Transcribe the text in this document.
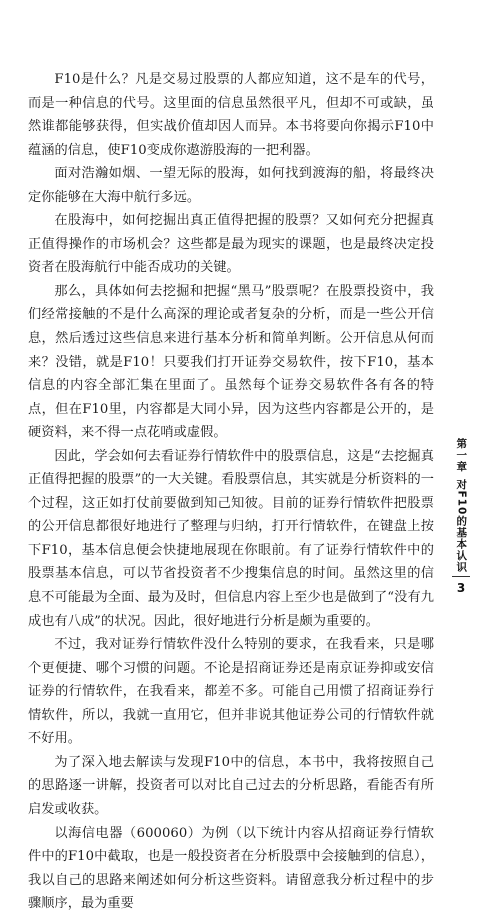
F10是什么？凡是交易过股票的人都应知道，这不是车的代号，而是一种信息的代号。这里面的信息虽然很平凡，但却不可或缺，虽然谁都能够获得，但实战价值却因人而异。本书将要向你揭示F10中蕴涵的信息，使F10变成你遨游股海的一把利器。

面对浩瀚如烟、一望无际的股海，如何找到渡海的船，将最终决定你能够在大海中航行多远。

在股海中，如何挖掘出真正值得把握的股票？又如何充分把握真正值得操作的市场机会？这些都是最为现实的课题，也是最终决定投资者在股海航行中能否成功的关键。

那么，具体如何去挖掘和把握“黑马”股票呢？在股票投资中，我们经常接触的不是什么高深的理论或者复杂的分析，而是一些公开信息，然后透过这些信息来进行基本分析和简单判断。公开信息从何而来？没错，就是F10！只要我们打开证券交易软件，按下F10，基本信息的内容全部汇集在里面了。虽然每个证券交易软件各有各的特点，但在F10里，内容都是大同小异，因为这些内容都是公开的，是硬资料，来不得一点花哨或虚假。

因此，学会如何去看证券行情软件中的股票信息，这是“去挖掘真正值得把握的股票”的一大关键。看股票信息，其实就是分析资料的一个过程，这正如打仗前要做到知己知彼。目前的证券行情软件把股票的公开信息都很好地进行了整理与归纳，打开行情软件，在键盘上按下F10，基本信息便会快捷地展现在你眼前。有了证券行情软件中的股票基本信息，可以节省投资者不少搜集信息的时间。虽然这里的信息不可能最为全面、最为及时，但信息内容上至少也是做到了“没有九成也有八成”的状况。因此，很好地进行分析是颇为重要的。

不过，我对证券行情软件没什么特别的要求，在我看来，只是哪个更便捷、哪个习惯的问题。不论是招商证券还是南京证券抑或安信证券的行情软件，在我看来，都差不多。可能自己用惯了招商证券行情软件，所以，我就一直用它，但并非说其他证券公司的行情软件就不好用。

为了深入地去解读与发现F10中的信息，本书中，我将按照自己的思路逐一讲解，投资者可以对比自己过去的分析思路，看能否有所启发或收获。

以海信电器（600060）为例（以下统计内容从招商证券行情软件中的F10中截取，也是一般投资者在分析股票中会接触到的信息），我以自己的思路来阐述如何分析这些资料。请留意我分析过程中的步骤顺序，最为重要

第一章
对F10的基本认识
3
